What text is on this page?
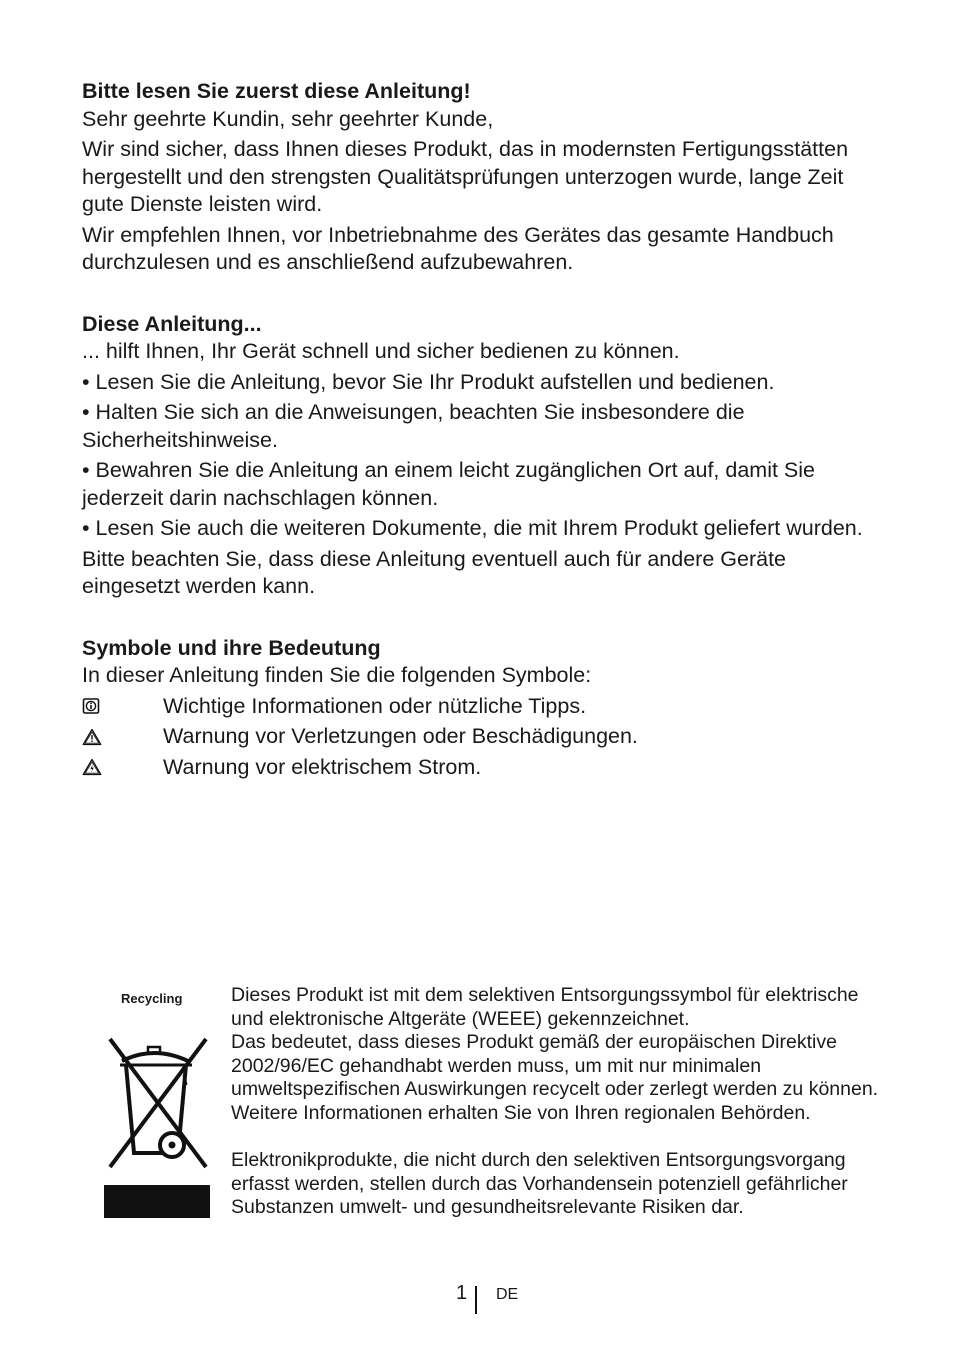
Bitte lesen Sie zuerst diese Anleitung!

Sehr geehrte Kundin, sehr geehrter Kunde,

Wir sind sicher, dass Ihnen dieses Produkt, das in modernsten Fertigungsstätten hergestellt und den strengsten Qualitätsprüfungen unterzogen wurde, lange Zeit gute Dienste leisten wird.

Wir empfehlen Ihnen, vor Inbetriebnahme des Gerätes das gesamte Handbuch durchzulesen und es anschließend aufzubewahren.

Diese Anleitung...

... hilft Ihnen, Ihr Gerät schnell und sicher bedienen zu können.

• Lesen Sie die Anleitung, bevor Sie Ihr Produkt aufstellen und bedienen.

• Halten Sie sich an die Anweisungen, beachten Sie insbesondere die Sicherheitshinweise.

• Bewahren Sie die Anleitung an einem leicht zugänglichen Ort auf, damit Sie jederzeit darin nachschlagen können.

• Lesen Sie auch die weiteren Dokumente, die mit Ihrem Produkt geliefert wurden.

Bitte beachten Sie, dass diese Anleitung eventuell auch für andere Geräte eingesetzt werden kann.

Symbole und ihre Bedeutung

In dieser Anleitung finden Sie die folgenden Symbole:

Wichtige Informationen oder nützliche Tipps.
Warnung vor Verletzungen oder Beschädigungen.
Warnung vor elektrischem Strom.
Recycling Dieses Produkt ist mit dem selektiven Entsorgungssymbol für elektrische und elektronische Altgeräte (WEEE) gekennzeichnet.

Das bedeutet, dass dieses Produkt gemäß der europäischen Direktive 2002/96/EC gehandhabt werden muss, um mit nur minimalen umweltspezifischen Auswirkungen recycelt oder zerlegt werden zu können.

Weitere Informationen erhalten Sie von Ihren regionalen Behörden.

Elektronikprodukte, die nicht durch den selektiven Entsorgungsvorgang erfasst werden, stellen durch das Vorhandensein potenziell gefährlicher Substanzen umwelt- und gesundheitsrelevante Risiken dar.

1 DE
